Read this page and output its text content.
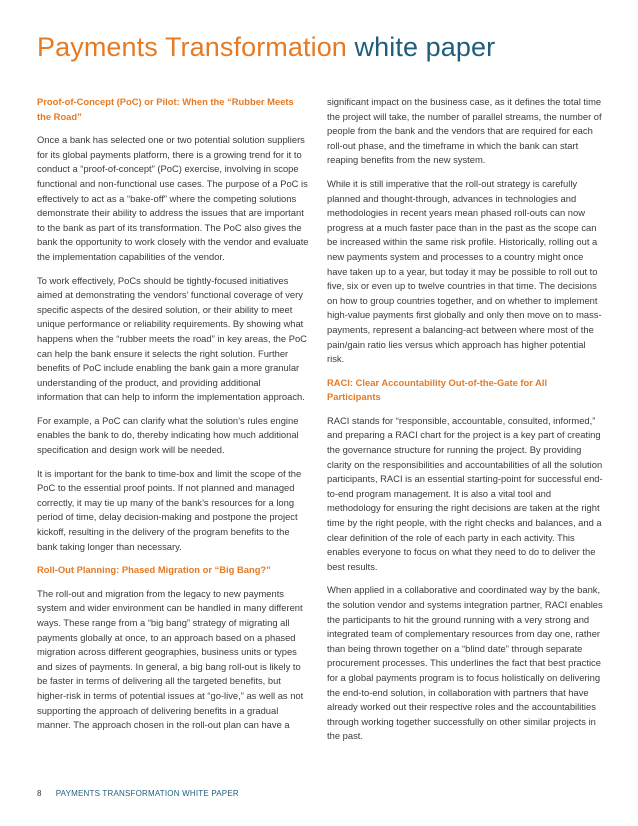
Payments Transformation white paper
Proof-of-Concept (PoC) or Pilot: When the “Rubber Meets the Road”

Once a bank has selected one or two potential solution suppliers for its global payments platform, there is a growing trend for it to conduct a “proof-of-concept” (PoC) exercise, involving in scope functional and non-functional use cases. The purpose of a PoC is effectively to act as a “bake-off” where the competing solutions demonstrate their ability to address the issues that are important to the bank as part of its transformation. The PoC also gives the bank the opportunity to work closely with the vendor and evaluate the implementation capabilities of the vendor.

To work effectively, PoCs should be tightly-focused initiatives aimed at demonstrating the vendors’ functional coverage of very specific aspects of the desired solution, or their ability to meet unique performance or reliability requirements. By showing what happens when the “rubber meets the road” in key areas, the PoC can help the bank ensure it selects the right solution. Further benefits of PoC include enabling the bank gain a more granular understanding of the product, and providing additional information that can help to inform the implementation approach.

For example, a PoC can clarify what the solution’s rules engine enables the bank to do, thereby indicating how much additional specification and design work will be needed.

It is important for the bank to time-box and limit the scope of the PoC to the essential proof points. If not planned and managed correctly, it may tie up many of the bank’s resources for a long period of time, delay decision-making and postpone the project kickoff, resulting in the delivery of the program benefits to the bank taking longer than necessary.

Roll-Out Planning: Phased Migration or “Big Bang?”

The roll-out and migration from the legacy to new payments system and wider environment can be handled in many different ways. These range from a “big bang” strategy of migrating all payments globally at once, to an approach based on a phased migration across different geographies, business units or types and sizes of payments. In general, a big bang roll-out is likely to be faster in terms of delivering all the targeted benefits, but higher-risk in terms of potential issues at “go-live,” as well as not supporting the approach of delivering benefits in a gradual manner. The approach chosen in the roll-out plan can have a

significant impact on the business case, as it defines the total time the project will take, the number of parallel streams, the number of people from the bank and the vendors that are required for each roll-out phase, and the timeframe in which the bank can start reaping benefits from the new system.

While it is still imperative that the roll-out strategy is carefully planned and thought-through, advances in technologies and methodologies in recent years mean phased roll-outs can now progress at a much faster pace than in the past as the scope can be increased within the same risk profile. Historically, rolling out a new payments system and processes to a country might once have taken up to a year, but today it may be possible to roll out to five, six or even up to twelve countries in that time. The decisions on how to group countries together, and on whether to implement high-value payments first globally and only then move on to mass-payments, represent a balancing-act between where most of the pain/gain ratio lies versus which approach has higher potential risk.

RACI: Clear Accountability Out-of-the-Gate for All Participants

RACI stands for “responsible, accountable, consulted, informed,” and preparing a RACI chart for the project is a key part of creating the governance structure for running the project. By providing clarity on the responsibilities and accountabilities of all the solution participants, RACI is an essential starting-point for successful end-to-end program management. It is also a vital tool and methodology for ensuring the right decisions are taken at the right time by the right people, with the right checks and balances, and a clear definition of the role of each party in each activity. This enables everyone to focus on what they need to do to deliver the best results.

When applied in a collaborative and coordinated way by the bank, the solution vendor and systems integration partner, RACI enables the participants to hit the ground running with a very strong and integrated team of complementary resources from day one, rather than being thrown together on a “blind date” through separate procurement processes. This underlines the fact that best practice for a global payments program is to focus holistically on delivering the end-to-end solution, in collaboration with partners that have already worked out their respective roles and the accountabilities through working together successfully on other similar projects in the past.

8 PAYMENTS TRANSFORMATION WHITE PAPER
